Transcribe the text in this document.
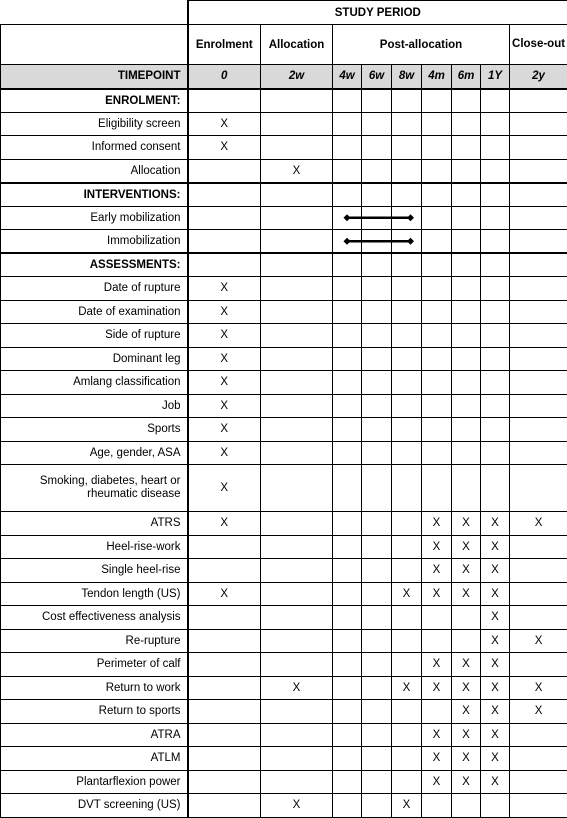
	STUDY PERIOD								
	Enrolment	Allocation	Post-allocation						Close-out
TIMEPOINT	0	2w	4w	6w	8w	4m	6m	1Y	2y
ENROLMENT:									
Eligibility screen	X								
Informed consent	X								
Allocation		X							
INTERVENTIONS:									
Early mobilization									
Immobilization									
ASSESSMENTS:									
Date of rupture	X								
Date of examination	X								
Side of rupture	X								
Dominant leg	X								
Amlang classification	X								
Job	X								
Sports	X								
Age, gender, ASA	X								
Smoking, diabetes, heart or rheumatic disease	X								
ATRS	X					X	X	X	X
Heel-rise-work						X	X	X	
Single heel-rise						X	X	X	
Tendon length (US)	X				X	X	X	X	
Cost effectiveness analysis								X	
Re-rupture								X	X
Perimeter of calf						X	X	X	
Return to work		X			X	X	X	X	X
Return to sports							X	X	X
ATRA						X	X	X	
ATLM						X	X	X	
Plantarflexion power						X	X	X	
DVT screening (US)		X			X				
